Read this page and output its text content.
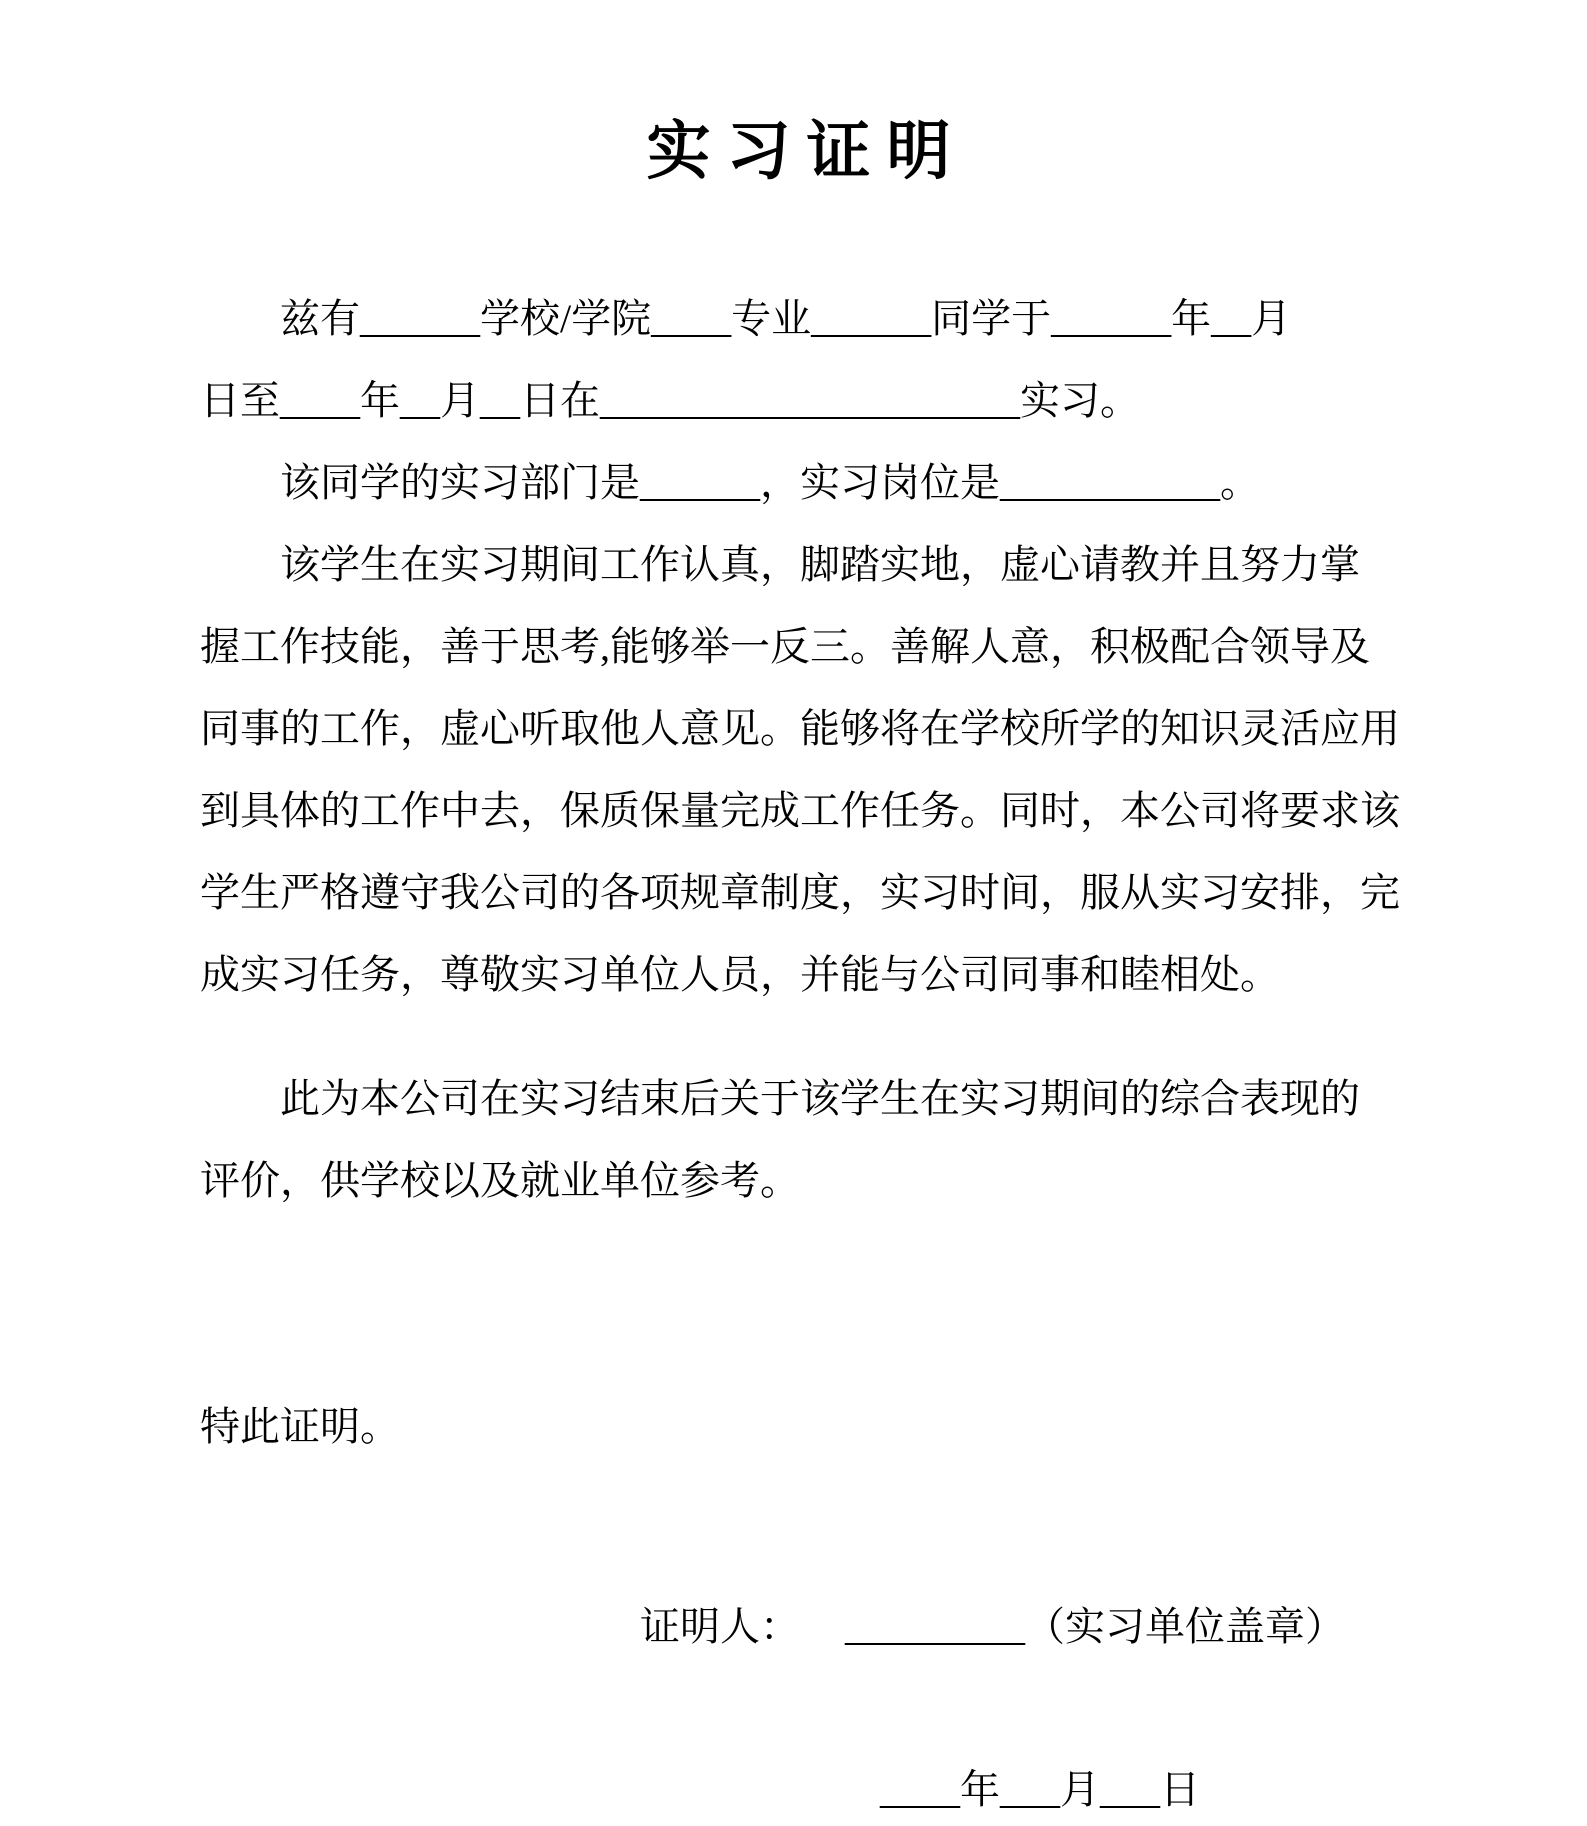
实 习 证 明

兹有______学校/学院____专业______同学于______年__月

日至____年__月__日在_____________________实习。

该同学的实习部门是______，实习岗位是___________。

该学生在实习期间工作认真，脚踏实地，虚心请教并且努力掌

握工作技能，善于思考,能够举一反三。善解人意，积极配合领导及

同事的工作，虚心听取他人意见。能够将在学校所学的知识灵活应用

到具体的工作中去，保质保量完成工作任务。同时，本公司将要求该

学生严格遵守我公司的各项规章制度，实习时间，服从实习安排，完

成实习任务，尊敬实习单位人员，并能与公司同事和睦相处。

此为本公司在实习结束后关于该学生在实习期间的综合表现的

评价，供学校以及就业单位参考。

特此证明。

证明人： _________（实习单位盖章）
____年___月___日
